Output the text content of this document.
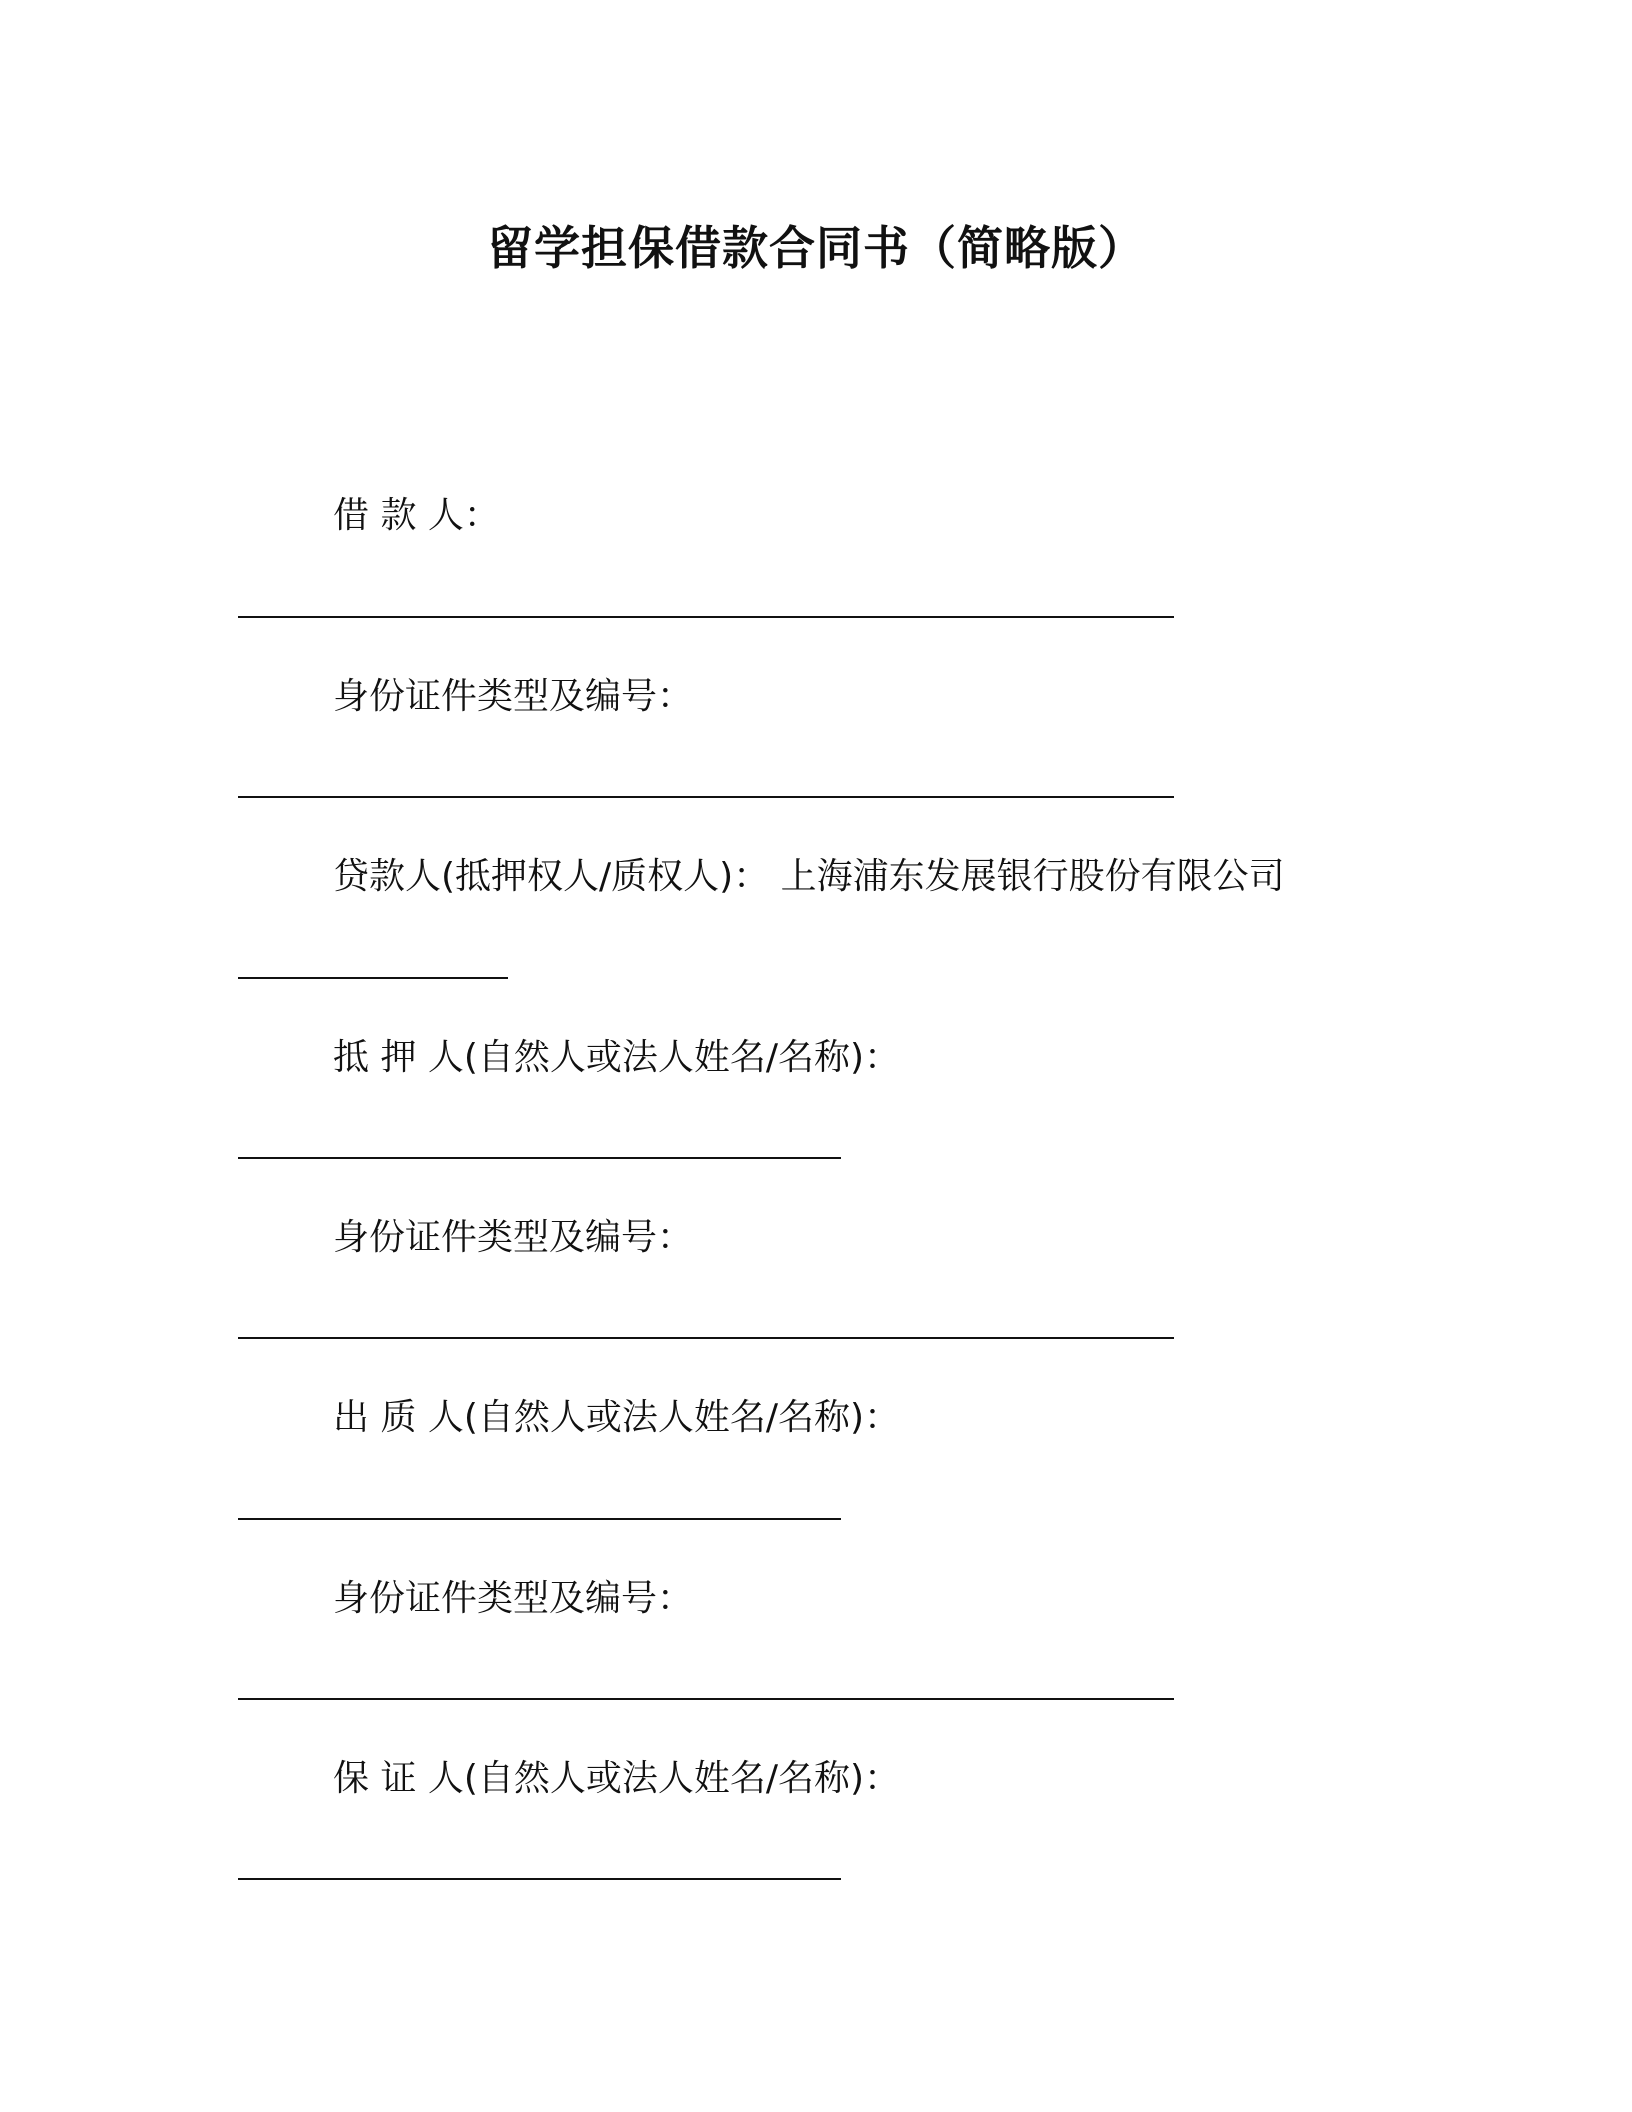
留学担保借款合同书（简略版）
借 款 人：
身份证件类型及编号：
贷款人(抵押权人/质权人)： 上海浦东发展银行股份有限公司
抵 押 人(自然人或法人姓名/名称)：
身份证件类型及编号：
出 质 人(自然人或法人姓名/名称)：
身份证件类型及编号：
保 证 人(自然人或法人姓名/名称)：
